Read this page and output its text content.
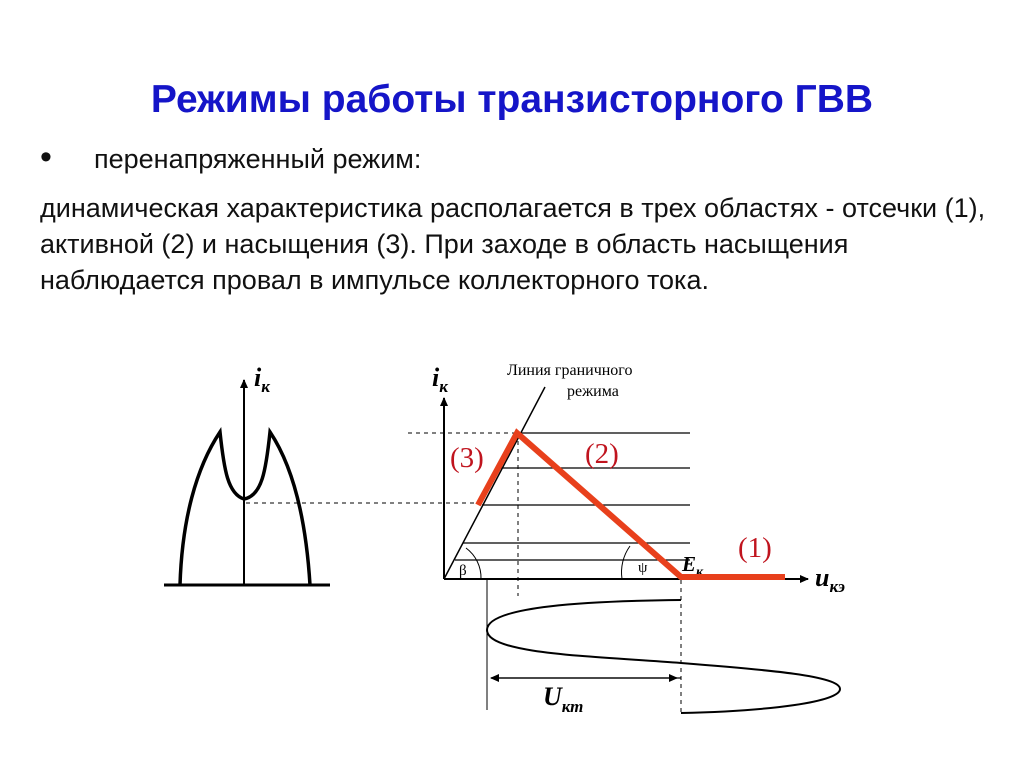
Режимы работы транзисторного ГВВ
• перенапряженный режим:
динамическая характеристика располагается в трех областях - отсечки (1), активной (2) и насыщения (3). При заходе в область насыщения наблюдается провал в импульсе коллекторного тока.
$i_к$
β	ψ
Линия граничного
режима
$i_к$
$u_{кэ}$
$E_к$
(3)	(2)
(1)
$U_{кт}$
